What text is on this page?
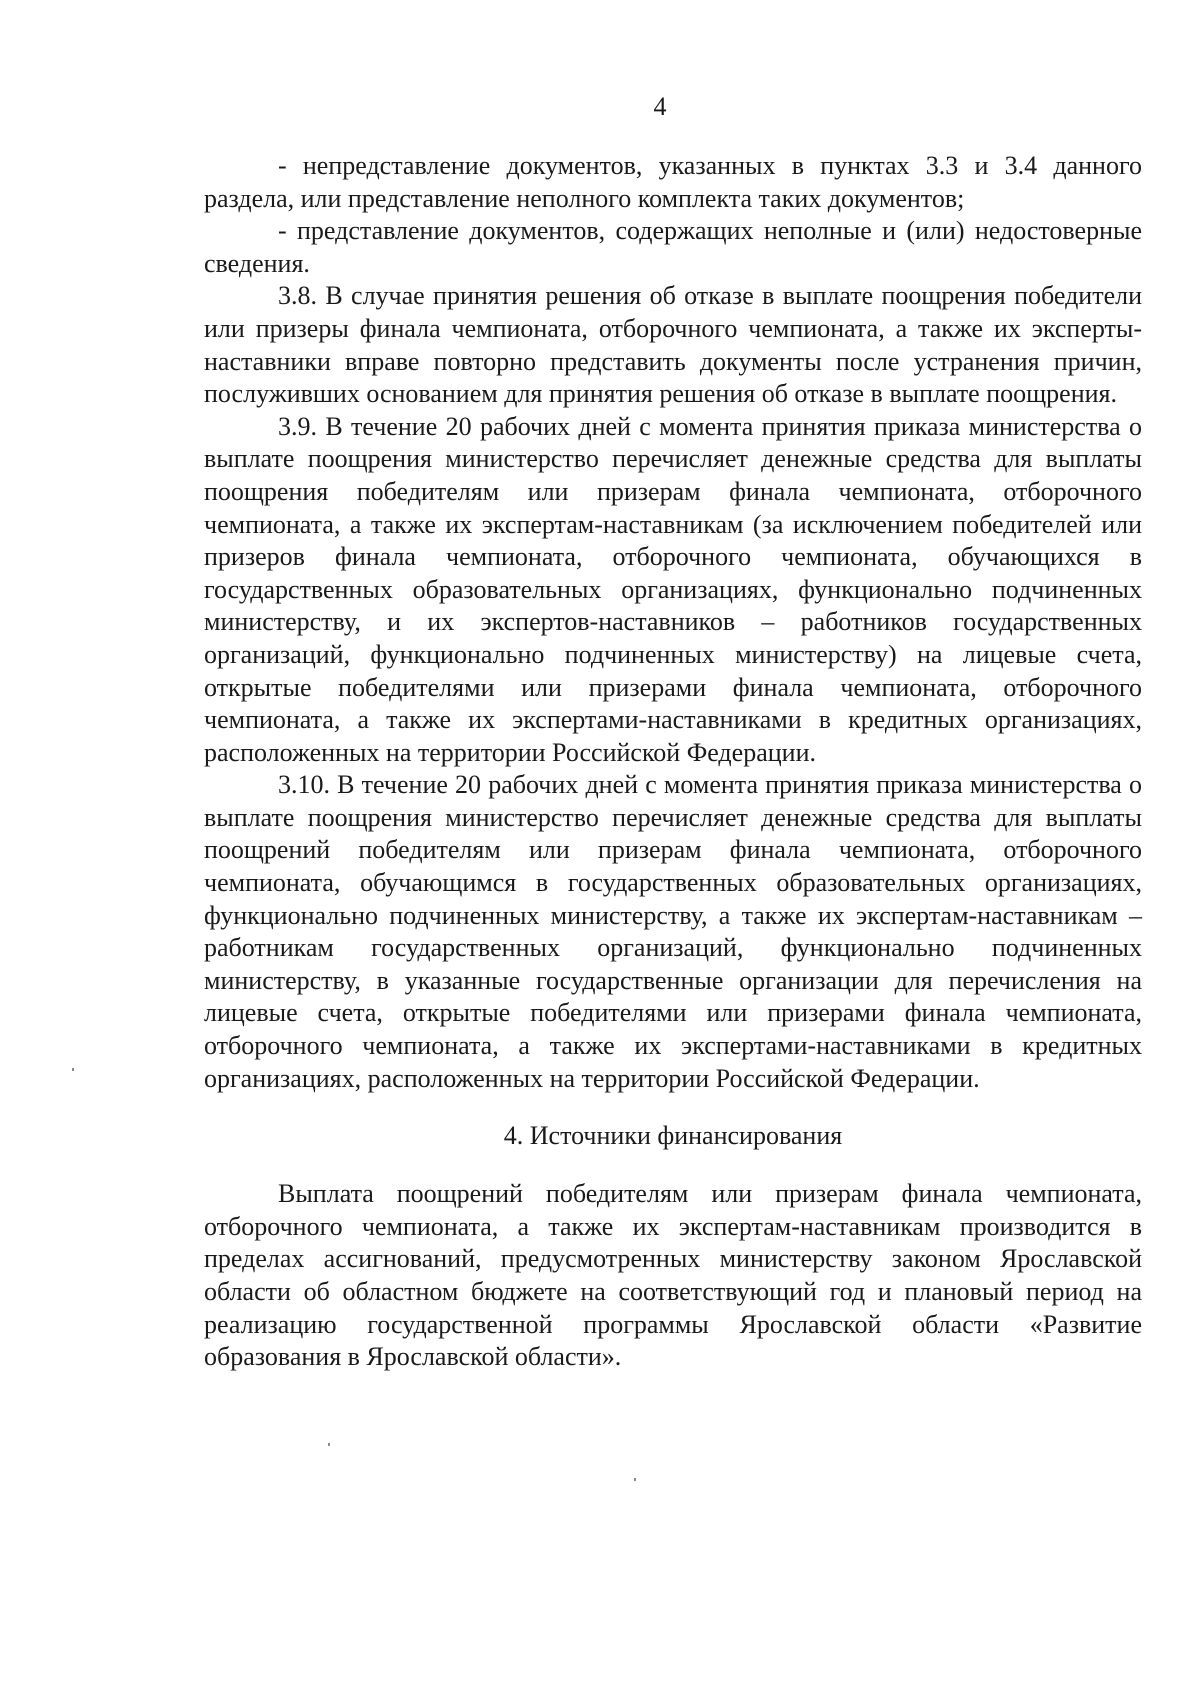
4

- непредставление документов, указанных в пунктах 3.3 и 3.4 данного раздела, или представление неполного комплекта таких документов;

- представление документов, содержащих неполные и (или) недостоверные сведения.

3.8. В случае принятия решения об отказе в выплате поощрения победители или призеры финала чемпионата, отборочного чемпионата, а также их эксперты-наставники вправе повторно представить документы после устранения причин, послуживших основанием для принятия решения об отказе в выплате поощрения.

3.9. В течение 20 рабочих дней с момента принятия приказа министерства о выплате поощрения министерство перечисляет денежные средства для выплаты поощрения победителям или призерам финала чемпионата, отборочного чемпионата, а также их экспертам-наставникам (за исключением победителей или призеров финала чемпионата, отборочного чемпионата, обучающихся в государственных образовательных организациях, функционально подчиненных министерству, и их экспертов-наставников – работников государственных организаций, функционально подчиненных министерству) на лицевые счета, открытые победителями или призерами финала чемпионата, отборочного чемпионата, а также их экспертами-наставниками в кредитных организациях, расположенных на территории Российской Федерации.

3.10. В течение 20 рабочих дней с момента принятия приказа министерства о выплате поощрения министерство перечисляет денежные средства для выплаты поощрений победителям или призерам финала чемпионата, отборочного чемпионата, обучающимся в государственных образовательных организациях, функционально подчиненных министерству, а также их экспертам-наставникам – работникам государственных организаций, функционально подчиненных министерству, в указанные государственные организации для перечисления на лицевые счета, открытые победителями или призерами финала чемпионата, отборочного чемпионата, а также их экспертами-наставниками в кредитных организациях, расположенных на территории Российской Федерации.

4. Источники финансирования

Выплата поощрений победителям или призерам финала чемпионата, отборочного чемпионата, а также их экспертам-наставникам производится в пределах ассигнований, предусмотренных министерству законом Ярославской области об областном бюджете на соответствующий год и плановый период на реализацию государственной программы Ярославской области «Развитие образования в Ярославской области».
